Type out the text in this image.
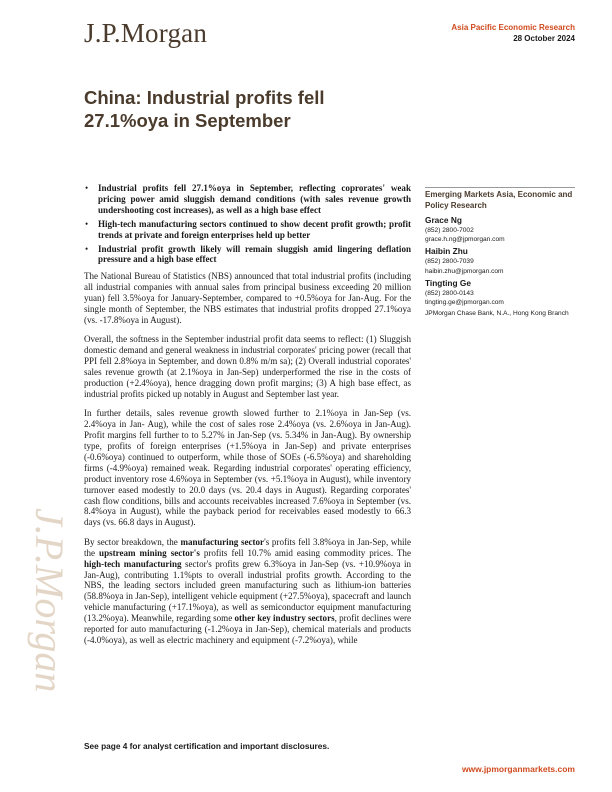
J.P.Morgan	Asia Pacific Economic Research
28 October 2024
China: Industrial profits fell 27.1%oya in September
J.P.Morgan
• Industrial profits fell 27.1%oya in September, reflecting coprorates' weak pricing power amid sluggish demand conditions (with sales revenue growth undershooting cost increases), as well as a high base effect
• High-tech manufacturing sectors continued to show decent profit growth; profit trends at private and foreign enterprises held up better
• Industrial profit growth likely will remain sluggish amid lingering deflation pressure and a high base effect

The National Bureau of Statistics (NBS) announced that total industrial profits (including all industrial companies with annual sales from principal business exceeding 20 million yuan) fell 3.5%oya for January-September, compared to +0.5%oya for Jan-Aug. For the single month of September, the NBS estimates that industrial profits dropped 27.1%oya (vs. -17.8%oya in August).

Overall, the softness in the September industrial profit data seems to reflect: (1) Sluggish domestic demand and general weakness in industrial corporates' pricing power (recall that PPI fell 2.8%oya in September, and down 0.8% m/m sa); (2) Overall industrial coporates' sales revenue growth (at 2.1%oya in Jan-Sep) underperformed the rise in the costs of production (+2.4%oya), hence dragging down profit margins; (3) A high base effect, as industrial profits picked up notably in August and September last year.

In further details, sales revenue growth slowed further to 2.1%oya in Jan-Sep (vs. 2.4%oya in Jan- Aug), while the cost of sales rose 2.4%oya (vs. 2.6%oya in Jan-Aug). Profit margins fell further to to 5.27% in Jan-Sep (vs. 5.34% in Jan-Aug). By ownership type, profits of foreign enterprises (+1.5%oya in Jan-Sep) and private enterprises (-0.6%oya) continued to outperform, while those of SOEs (-6.5%oya) and shareholding firms (-4.9%oya) remained weak. Regarding industrial corporates' operating efficiency, product inventory rose 4.6%oya in September (vs. +5.1%oya in August), while inventory turnover eased modestly to 20.0 days (vs. 20.4 days in August). Regarding corporates' cash flow conditions, bills and accounts receivables increased 7.6%oya in September (vs. 8.4%oya in August), while the payback period for receivables eased modestly to 66.3 days (vs. 66.8 days in August).

By sector breakdown, the manufacturing sector's profits fell 3.8%oya in Jan-Sep, while the upstream mining sector's profits fell 10.7% amid easing commodity prices. The high-tech manufacturing sector's profits grew 6.3%oya in Jan-Sep (vs. +10.9%oya in Jan-Aug), contributing 1.1%pts to overall industrial profits growth. According to the NBS, the leading sectors included green manufacturing such as lithium-ion batteries (58.8%oya in Jan-Sep), intelligent vehicle equipment (+27.5%oya), spacecraft and launch vehicle manufacturing (+17.1%oya), as well as semiconductor equipment manufacturing (13.2%oya). Meanwhile, regarding some other key industry sectors, profit declines were reported for auto manufacturing (-1.2%oya in Jan-Sep), chemical materials and products (-4.0%oya), as well as electric machinery and equipment (-7.2%oya), while

Emerging Markets Asia, Economic and Policy Research
Grace Ng
(852) 2800-7002
grace.h.ng@jpmorgan.com
Haibin Zhu
(852) 2800-7039
haibin.zhu@jpmorgan.com
Tingting Ge
(852) 2800-0143
tingting.ge@jpmorgan.com
JPMorgan Chase Bank, N.A., Hong Kong Branch
See page 4 for analyst certification and important disclosures.
www.jpmorganmarkets.com
